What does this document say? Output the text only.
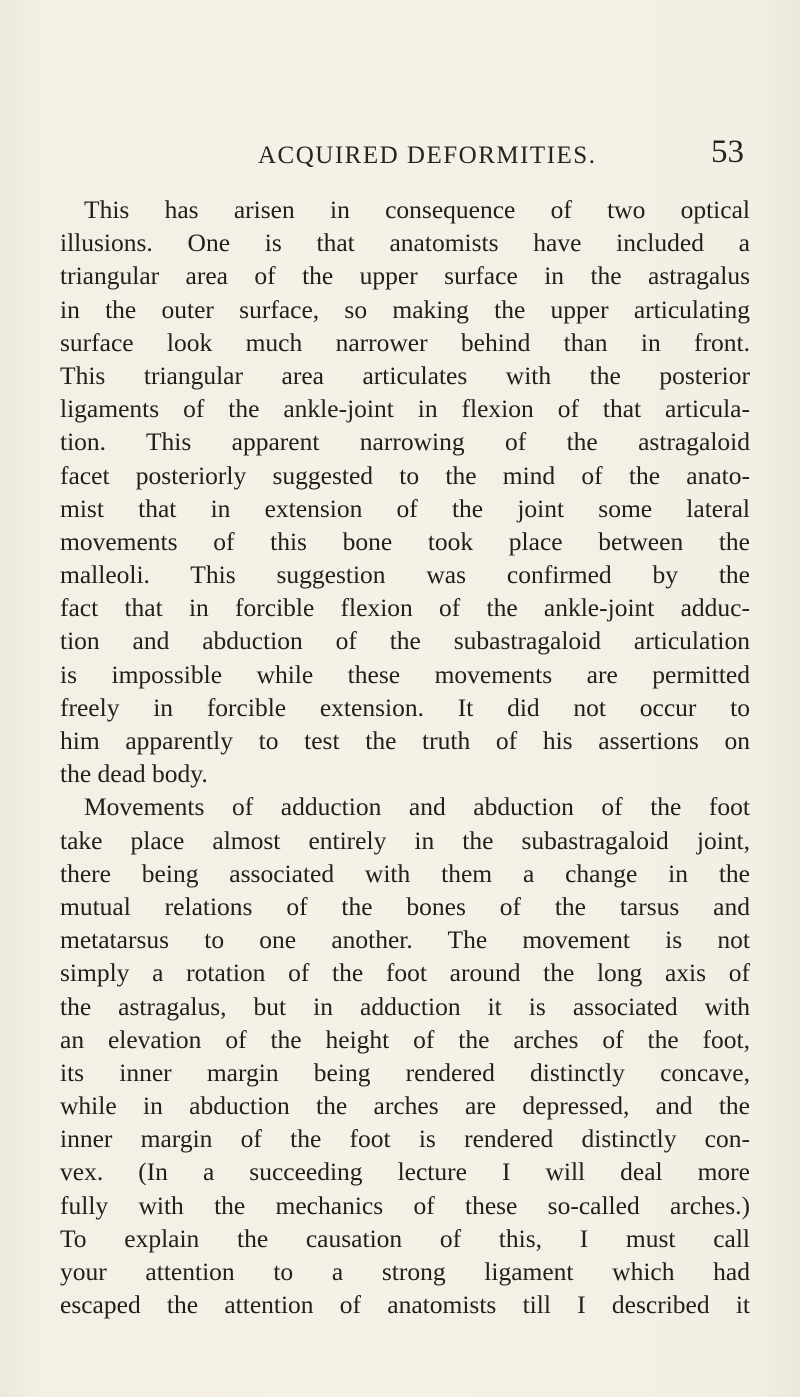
ACQUIRED DEFORMITIES.	53
This has arisen in consequence of two optical
illusions. One is that anatomists have included a
triangular area of the upper surface in the astragalus
in the outer surface, so making the upper articulating
surface look much narrower behind than in front.
This triangular area articulates with the posterior
ligaments of the ankle-joint in flexion of that articula-
tion. This apparent narrowing of the astragaloid
facet posteriorly suggested to the mind of the anato-
mist that in extension of the joint some lateral
movements of this bone took place between the
malleoli. This suggestion was confirmed by the
fact that in forcible flexion of the ankle-joint adduc-
tion and abduction of the subastragaloid articulation
is impossible while these movements are permitted
freely in forcible extension. It did not occur to
him apparently to test the truth of his assertions on
the dead body.
Movements of adduction and abduction of the foot
take place almost entirely in the subastragaloid joint,
there being associated with them a change in the
mutual relations of the bones of the tarsus and
metatarsus to one another. The movement is not
simply a rotation of the foot around the long axis of
the astragalus, but in adduction it is associated with
an elevation of the height of the arches of the foot,
its inner margin being rendered distinctly concave,
while in abduction the arches are depressed, and the
inner margin of the foot is rendered distinctly con-
vex. (In a succeeding lecture I will deal more
fully with the mechanics of these so-called arches.)
To explain the causation of this, I must call
your attention to a strong ligament which had
escaped the attention of anatomists till I described it
